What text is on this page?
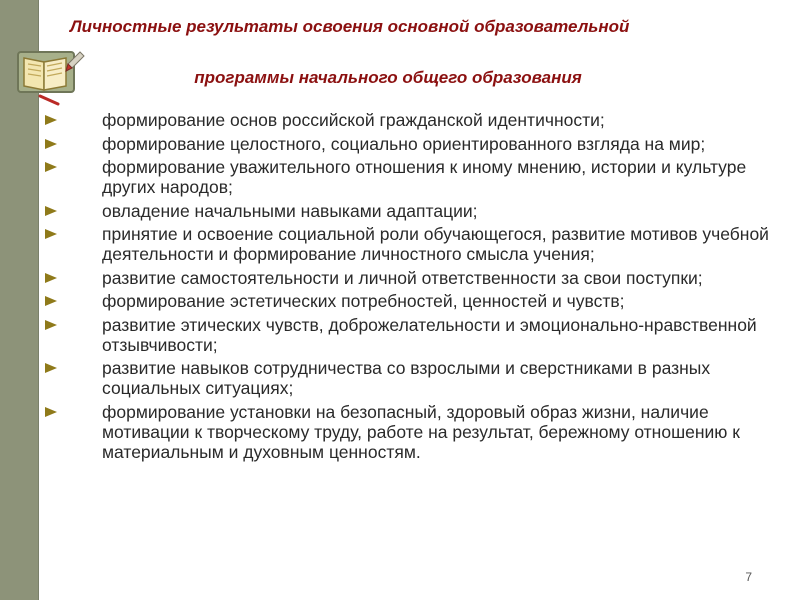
Личностные результаты освоения основной образовательной
программы начального общего образования
формирование основ российской гражданской идентичности;
формирование целостного, социально ориентированного взгляда на мир;
формирование уважительного отношения к иному мнению, истории и культуре других народов;
овладение начальными навыками адаптации;
принятие и освоение социальной роли обучающегося, развитие мотивов учебной деятельности и формирование личностного смысла учения;
развитие самостоятельности и личной ответственности за свои поступки;
формирование эстетических потребностей, ценностей и чувств;
развитие этических чувств, доброжелательности и эмоционально-нравственной отзывчивости;
развитие навыков сотрудничества со взрослыми и сверстниками в разных социальных ситуациях;
формирование установки на безопасный, здоровый образ жизни, наличие мотивации к творческому труду, работе на результат, бережному отношению к материальным и духовным ценностям.
7
